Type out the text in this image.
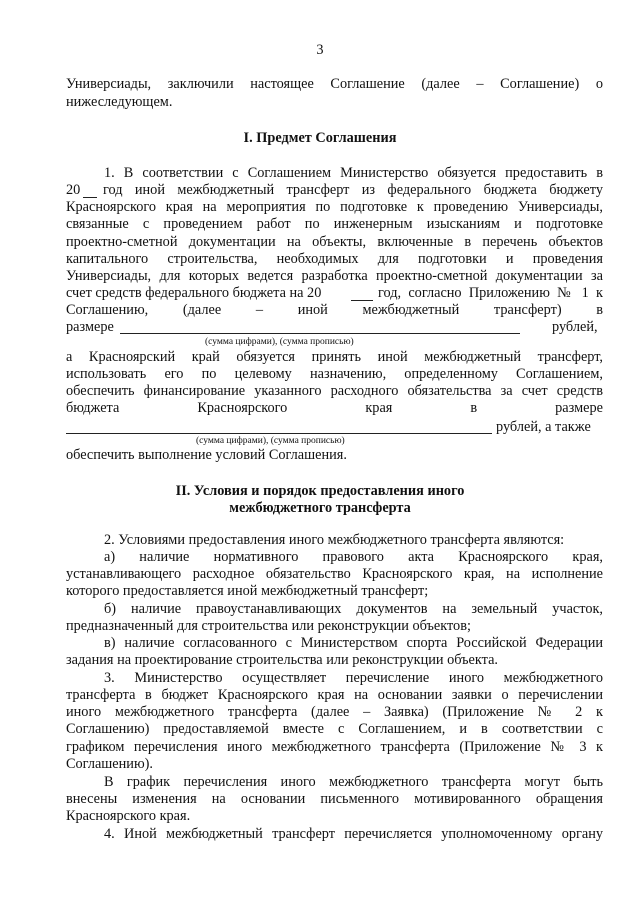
3
Универсиады, заключили настоящее Соглашение (далее – Соглашение) о
нижеследующем.
I. Предмет Соглашения
1. В соответствии с Соглашением Министерство обязуется предоставить в
20 год иной межбюджетный трансферт из федерального бюджета бюджету
Красноярского края на мероприятия по подготовке к проведению Универсиады,
связанные с проведением работ по инженерным изысканиям и подготовке
проектно-сметной документации на объекты, включенные в перечень объектов
капитального строительства, необходимых для подготовки и проведения
Универсиады, для которых ведется разработка проектно-сметной документации за
счет средств федерального бюджета на 20	год, согласно Приложению № 1 к
Соглашению, (далее – иной межбюджетный трансферт) в
размере	рублей,
(сумма цифрами), (сумма прописью)
а Красноярский край обязуется принять иной межбюджетный трансферт,
использовать его по целевому назначению, определенному Соглашением,
обеспечить финансирование указанного расходного обязательства за счет средств
бюджета Красноярского края в размере
рублей, а также
(сумма цифрами), (сумма прописью)
обеспечить выполнение условий Соглашения.
II. Условия и порядок предоставления иного
межбюджетного трансферта
2. Условиями предоставления иного межбюджетного трансферта являются:
а) наличие нормативного правового акта Красноярского края,
устанавливающего расходное обязательство Красноярского края, на исполнение
которого предоставляется иной межбюджетный трансферт;
б) наличие правоустанавливающих документов на земельный участок,
предназначенный для строительства или реконструкции объектов;
в) наличие согласованного с Министерством спорта Российской Федерации
задания на проектирование строительства или реконструкции объекта.
3. Министерство осуществляет перечисление иного межбюджетного
трансферта в бюджет Красноярского края на основании заявки о перечислении
иного межбюджетного трансферта (далее – Заявка) (Приложение № 2 к
Соглашению) предоставляемой вместе с Соглашением, и в соответствии с
графиком перечисления иного межбюджетного трансферта (Приложение № 3 к
Соглашению).
В график перечисления иного межбюджетного трансферта могут быть
внесены изменения на основании письменного мотивированного обращения
Красноярского края.
4. Иной межбюджетный трансферт перечисляется уполномоченному органу
